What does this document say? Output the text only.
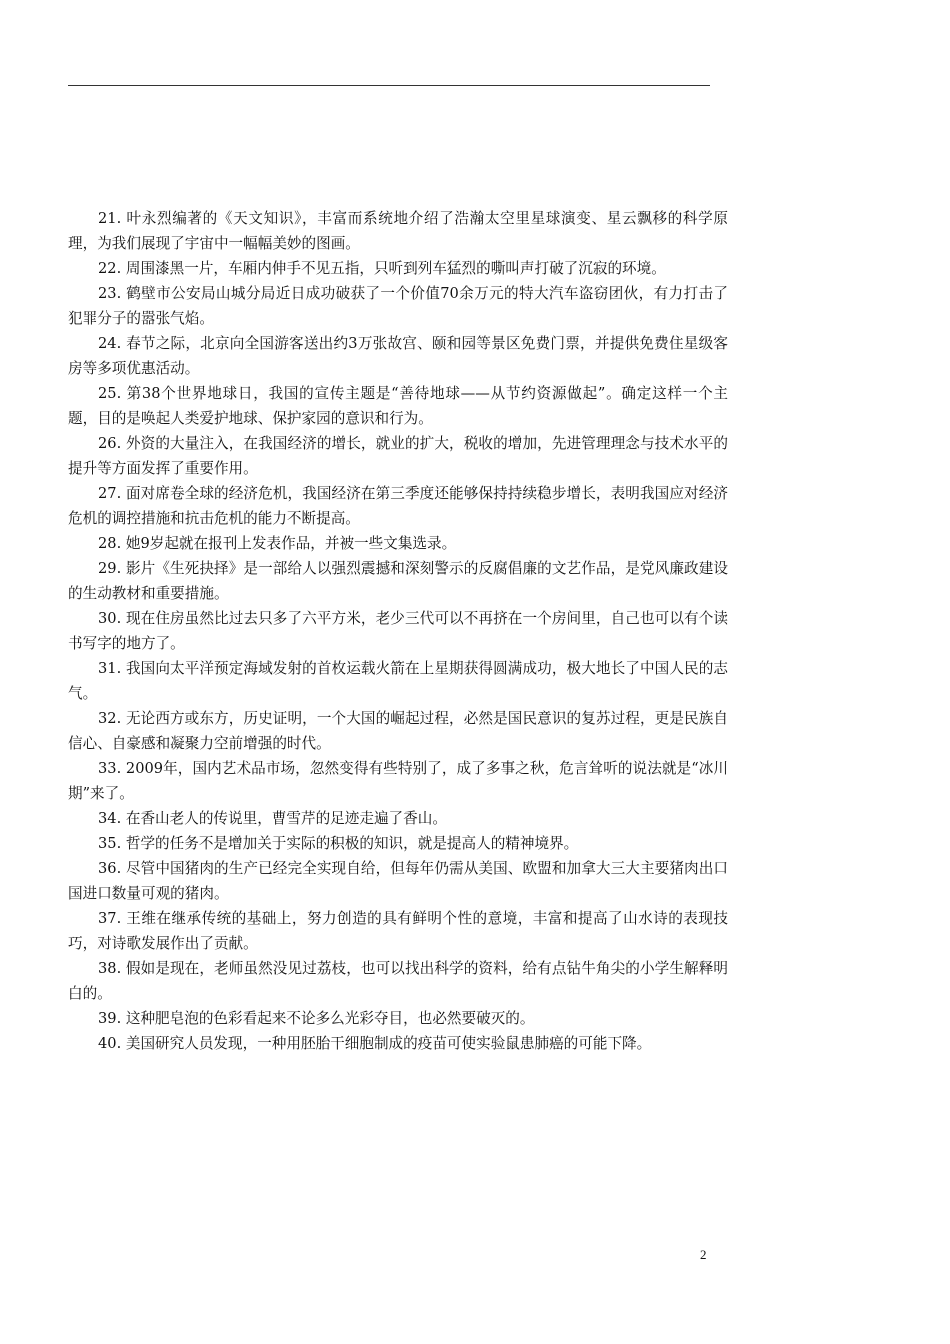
21. 叶永烈编著的《天文知识》，丰富而系统地介绍了浩瀚太空里星球演变、星云飘移的科学原理，为我们展现了宇宙中一幅幅美妙的图画。

22. 周围漆黑一片，车厢内伸手不见五指，只听到列车猛烈的嘶叫声打破了沉寂的环境。

23. 鹤壁市公安局山城分局近日成功破获了一个价值70余万元的特大汽车盗窃团伙，有力打击了犯罪分子的嚣张气焰。

24. 春节之际，北京向全国游客送出约3万张故宫、颐和园等景区免费门票，并提供免费住星级客房等多项优惠活动。

25. 第38个世界地球日，我国的宣传主题是“善待地球——从节约资源做起”。确定这样一个主题，目的是唤起人类爱护地球、保护家园的意识和行为。

26. 外资的大量注入，在我国经济的增长，就业的扩大，税收的增加，先进管理理念与技术水平的提升等方面发挥了重要作用。

27. 面对席卷全球的经济危机，我国经济在第三季度还能够保持持续稳步增长，表明我国应对经济危机的调控措施和抗击危机的能力不断提高。

28. 她9岁起就在报刊上发表作品，并被一些文集选录。

29. 影片《生死抉择》是一部给人以强烈震撼和深刻警示的反腐倡廉的文艺作品，是党风廉政建设的生动教材和重要措施。

30. 现在住房虽然比过去只多了六平方米，老少三代可以不再挤在一个房间里，自己也可以有个读书写字的地方了。

31. 我国向太平洋预定海域发射的首枚运载火箭在上星期获得圆满成功，极大地长了中国人民的志气。

32. 无论西方或东方，历史证明，一个大国的崛起过程，必然是国民意识的复苏过程，更是民族自信心、自豪感和凝聚力空前增强的时代。

33. 2009年，国内艺术品市场，忽然变得有些特别了，成了多事之秋，危言耸听的说法就是“冰川期”来了。

34. 在香山老人的传说里，曹雪芹的足迹走遍了香山。

35. 哲学的任务不是增加关于实际的积极的知识，就是提高人的精神境界。

36. 尽管中国猪肉的生产已经完全实现自给，但每年仍需从美国、欧盟和加拿大三大主要猪肉出口国进口数量可观的猪肉。

37. 王维在继承传统的基础上，努力创造的具有鲜明个性的意境，丰富和提高了山水诗的表现技巧，对诗歌发展作出了贡献。

38. 假如是现在，老师虽然没见过荔枝，也可以找出科学的资料，给有点钻牛角尖的小学生解释明白的。

39. 这种肥皂泡的色彩看起来不论多么光彩夺目，也必然要破灭的。

40. 美国研究人员发现，一种用胚胎干细胞制成的疫苗可使实验鼠患肺癌的可能下降。

2
